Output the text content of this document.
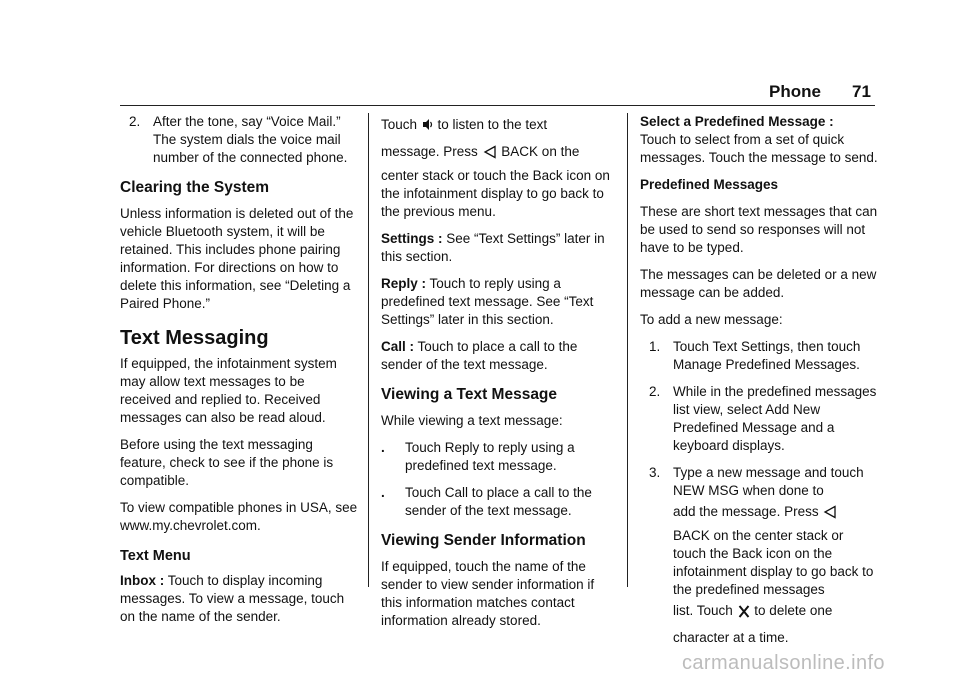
Phone 71
2. After the tone, say “Voice Mail.” The system dials the voice mail number of the connected phone.
Clearing the System

Unless information is deleted out of the vehicle Bluetooth system, it will be retained. This includes phone pairing information. For directions on how to delete this information, see “Deleting a Paired Phone.”

Text Messaging

If equipped, the infotainment system may allow text messages to be received and replied to. Received messages can also be read aloud.

Before using the text messaging feature, check to see if the phone is compatible.

To view compatible phones in USA, see www.my.chevrolet.com.

Text Menu

Inbox : Touch to display incoming messages. To view a message, touch on the name of the sender.

Touch  to listen to the text
message. Press  BACK on the center stack or touch the Back icon on the infotainment display to go back to the previous menu.

Settings : See “Text Settings” later in this section.

Reply : Touch to reply using a predefined text message. See “Text Settings” later in this section.

Call : Touch to place a call to the sender of the text message.

Viewing a Text Message

While viewing a text message:

. Touch Reply to reply using a predefined text message.
. Touch Call to place a call to the sender of the text message.
Viewing Sender Information

If equipped, touch the name of the sender to view sender information if this information matches contact information already stored.

Select a Predefined Message :
Touch to select from a set of quick messages. Touch the message to send.

Predefined Messages

These are short text messages that can be used to send so responses will not have to be typed.

The messages can be deleted or a new message can be added.

To add a new message:

1. Touch Text Settings, then touch Manage Predefined Messages.
2. While in the predefined messages list view, select Add New Predefined Message and a keyboard displays.
3. Type a new message and touch NEW MSG when done to
add the message. Press
BACK on the center stack or touch the Back icon on the infotainment display to go back to the predefined messages
list. Touch  to delete one character at a time.
carmanualsonline.info
